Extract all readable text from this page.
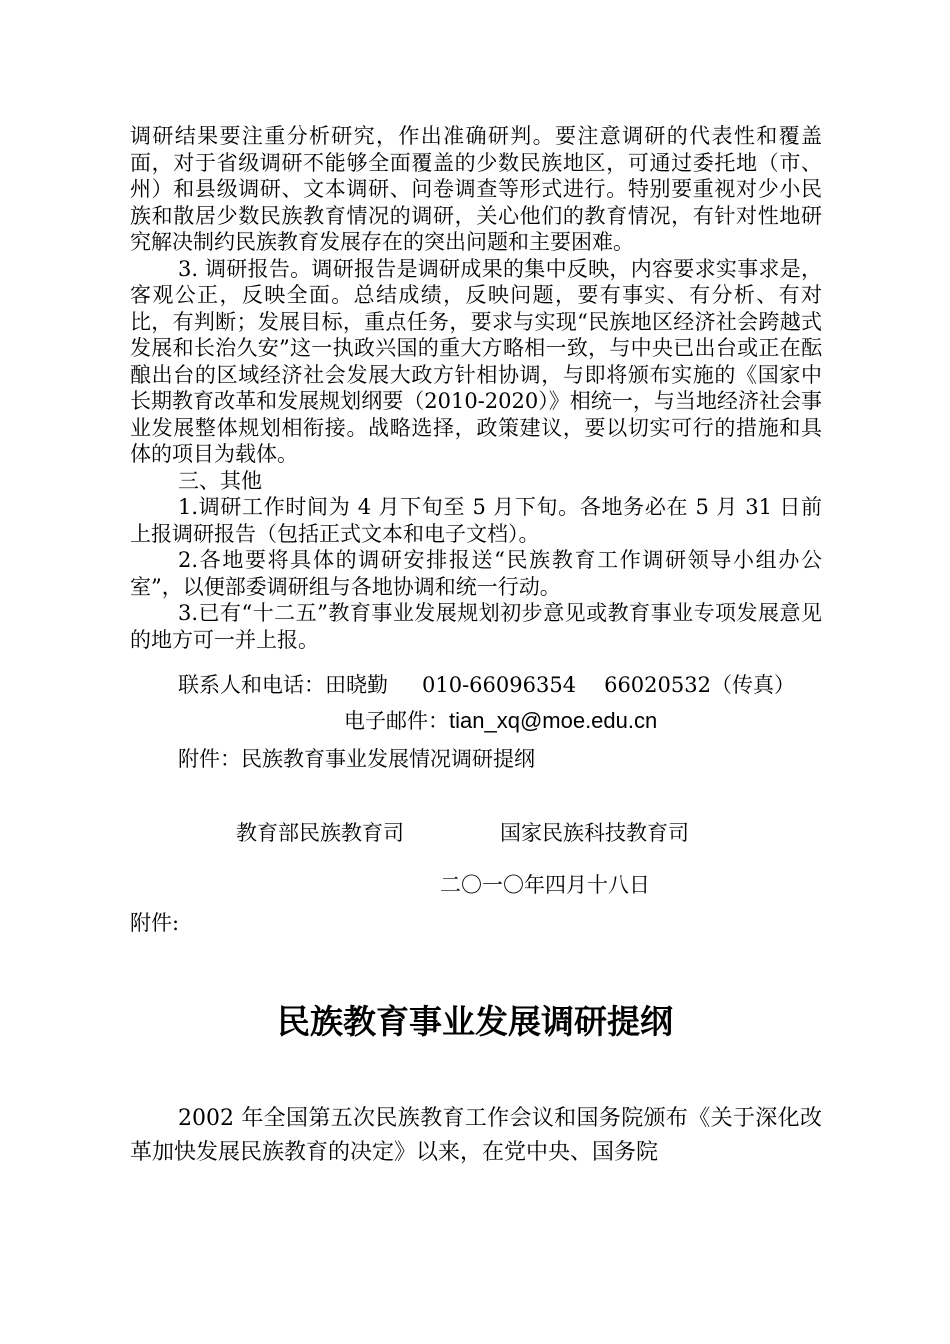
调研结果要注重分析研究，作出准确研判。要注意调研的代表性和覆盖面，对于省级调研不能够全面覆盖的少数民族地区，可通过委托地（市、州）和县级调研、文本调研、问卷调查等形式进行。特别要重视对少小民族和散居少数民族教育情况的调研，关心他们的教育情况，有针对性地研究解决制约民族教育发展存在的突出问题和主要困难。

3. 调研报告。调研报告是调研成果的集中反映，内容要求实事求是，客观公正，反映全面。总结成绩，反映问题，要有事实、有分析、有对比，有判断；发展目标，重点任务，要求与实现“民族地区经济社会跨越式发展和长治久安”这一执政兴国的重大方略相一致，与中央已出台或正在酝酿出台的区域经济社会发展大政方针相协调，与即将颁布实施的《国家中长期教育改革和发展规划纲要（2010-2020）》相统一，与当地经济社会事业发展整体规划相衔接。战略选择，政策建议，要以切实可行的措施和具体的项目为载体。

三、其他

1.调研工作时间为 4 月下旬至 5 月下旬。各地务必在 5 月 31 日前上报调研报告（包括正式文本和电子文档）。

2.各地要将具体的调研安排报送“民族教育工作调研领导小组办公室”，以便部委调研组与各地协调和统一行动。

3.已有“十二五”教育事业发展规划初步意见或教育事业专项发展意见的地方可一并上报。

联系人和电话：田晓勤 010-66096354 66020532（传真）
电子邮件：tian_xq@moe.edu.cn
附件：民族教育事业发展情况调研提纲
教育部民族教育司	国家民族科技教育司
二〇一〇年四月十八日
附件:
民族教育事业发展调研提纲

2002 年全国第五次民族教育工作会议和国务院颁布《关于深化改革加快发展民族教育的决定》以来，在党中央、国务院
